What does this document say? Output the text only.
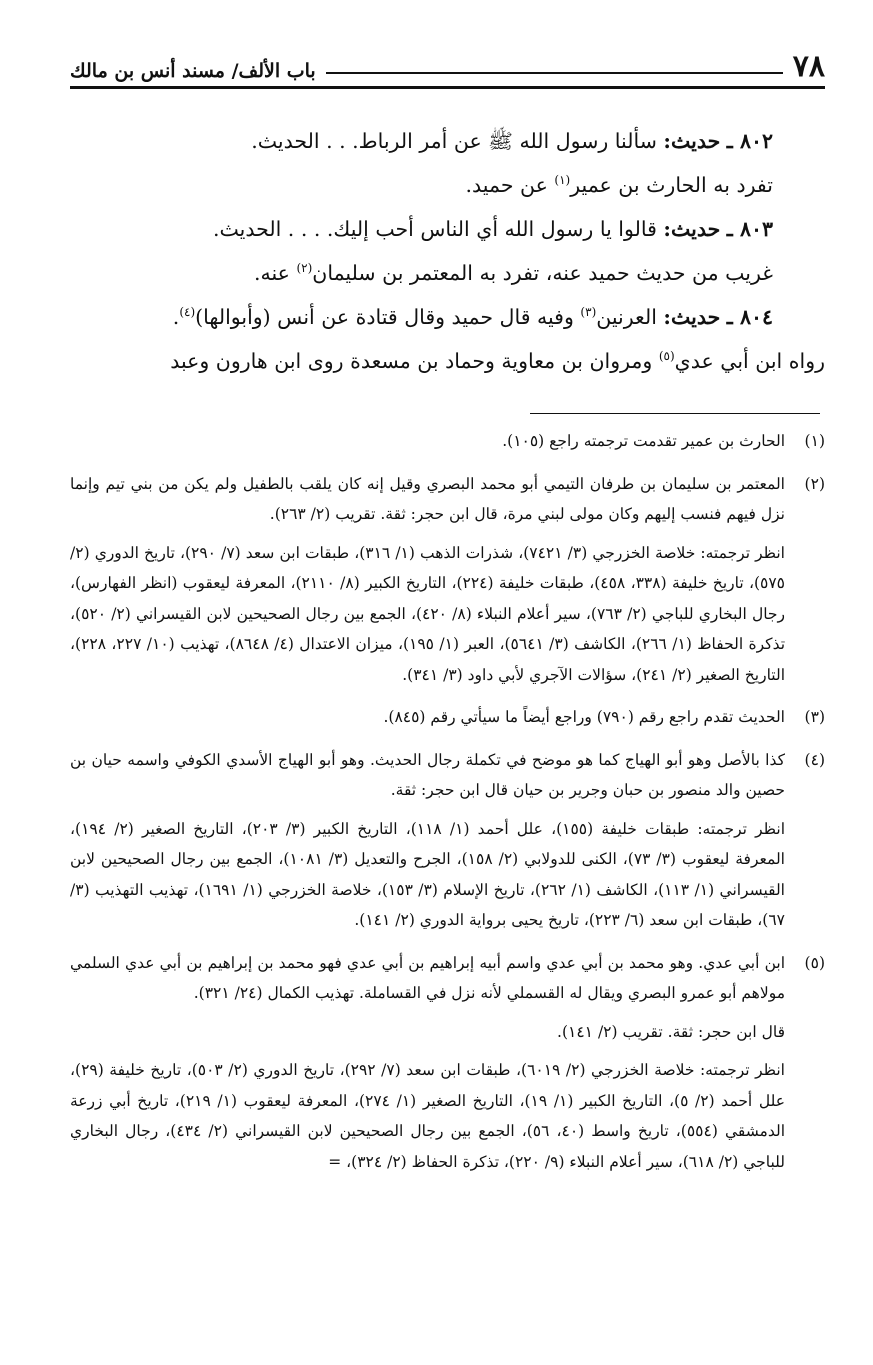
٧٨
باب الألف/ مسند أنس بن مالك

٨٠٢ ـ حديث: سألنا رسول الله ﷺ عن أمر الرباط. . . الحديث.

تفرد به الحارث بن عمير$^{(١)}$ عن حميد.

٨٠٣ ـ حديث: قالوا يا رسول الله أي الناس أحب إليك. . . . الحديث.

غريب من حديث حميد عنه، تفرد به المعتمر بن سليمان$^{(٢)}$ عنه.

٨٠٤ ـ حديث: العرنين$^{(٣)}$ وفيه قال حميد وقال قتادة عن أنس (وأبوالها)$^{(٤)}$.

رواه ابن أبي عدي$^{(٥)}$ ومروان بن معاوية وحماد بن مسعدة روى ابن هارون وعبد

(١)

الحارث بن عمير تقدمت ترجمته راجع (١٠٥).

(٢)

المعتمر بن سليمان بن طرفان التيمي أبو محمد البصري وقيل إنه كان يلقب بالطفيل ولم يكن من بني تيم وإنما نزل فيهم فنسب إليهم وكان مولى لبني مرة، قال ابن حجر: ثقة. تقريب (٢/ ٢٦٣).

انظر ترجمته: خلاصة الخزرجي (٣/ ٧٤٢١)، شذرات الذهب (١/ ٣١٦)، طبقات ابن سعد (٧/ ٢٩٠)، تاريخ الدوري (٢/ ٥٧٥)، تاريخ خليفة (٣٣٨، ٤٥٨)، طبقات خليفة (٢٢٤)، التاريخ الكبير (٨/ ٢١١٠)، المعرفة ليعقوب (انظر الفهارس)، رجال البخاري للباجي (٢/ ٧٦٣)، سير أعلام النبلاء (٨/ ٤٢٠)، الجمع بين رجال الصحيحين لابن القيسراني (٢/ ٥٢٠)، تذكرة الحفاظ (١/ ٢٦٦)، الكاشف (٣/ ٥٦٤١)، العبر (١/ ١٩٥)، ميزان الاعتدال (٤/ ٨٦٤٨)، تهذيب (١٠/ ٢٢٧، ٢٢٨)، التاريخ الصغير (٢/ ٢٤١)، سؤالات الآجري لأبي داود (٣/ ٣٤١).

(٣)

الحديث تقدم راجع رقم (٧٩٠) وراجع أيضاً ما سيأتي رقم (٨٤٥).

(٤)

كذا بالأصل وهو أبو الهياج كما هو موضح في تكملة رجال الحديث. وهو أبو الهياج الأسدي الكوفي واسمه حيان بن حصين والد منصور بن حبان وجرير بن حيان قال ابن حجر: ثقة.

انظر ترجمته: طبقات خليفة (١٥٥)، علل أحمد (١/ ١١٨)، التاريخ الكبير (٣/ ٢٠٣)، التاريخ الصغير (٢/ ١٩٤)، المعرفة ليعقوب (٣/ ٧٣)، الكنى للدولابي (٢/ ١٥٨)، الجرح والتعديل (٣/ ١٠٨١)، الجمع بين رجال الصحيحين لابن القيسراني (١/ ١١٣)، الكاشف (١/ ٢٦٢)، تاريخ الإسلام (٣/ ١٥٣)، خلاصة الخزرجي (١/ ١٦٩١)، تهذيب التهذيب (٣/ ٦٧)، طبقات ابن سعد (٦/ ٢٢٣)، تاريخ يحيى برواية الدوري (٢/ ١٤١).

(٥)

ابن أبي عدي. وهو محمد بن أبي عدي واسم أبيه إبراهيم بن أبي عدي فهو محمد بن إبراهيم بن أبي عدي السلمي مولاهم أبو عمرو البصري ويقال له القسملي لأنه نزل في القساملة. تهذيب الكمال (٢٤/ ٣٢١).

قال ابن حجر: ثقة. تقريب (٢/ ١٤١).

انظر ترجمته: خلاصة الخزرجي (٢/ ٦٠١٩)، طبقات ابن سعد (٧/ ٢٩٢)، تاريخ الدوري (٢/ ٥٠٣)، تاريخ خليفة (٢٩)، علل أحمد (٢/ ٥)، التاريخ الكبير (١/ ١٩)، التاريخ الصغير (١/ ٢٧٤)، المعرفة ليعقوب (١/ ٢١٩)، تاريخ أبي زرعة الدمشقي (٥٥٤)، تاريخ واسط (٤٠، ٥٦)، الجمع بين رجال الصحيحين لابن القيسراني (٢/ ٤٣٤)، رجال البخاري للباجي (٢/ ٦١٨)، سير أعلام النبلاء (٩/ ٢٢٠)، تذكرة الحفاظ (٢/ ٣٢٤)، =
